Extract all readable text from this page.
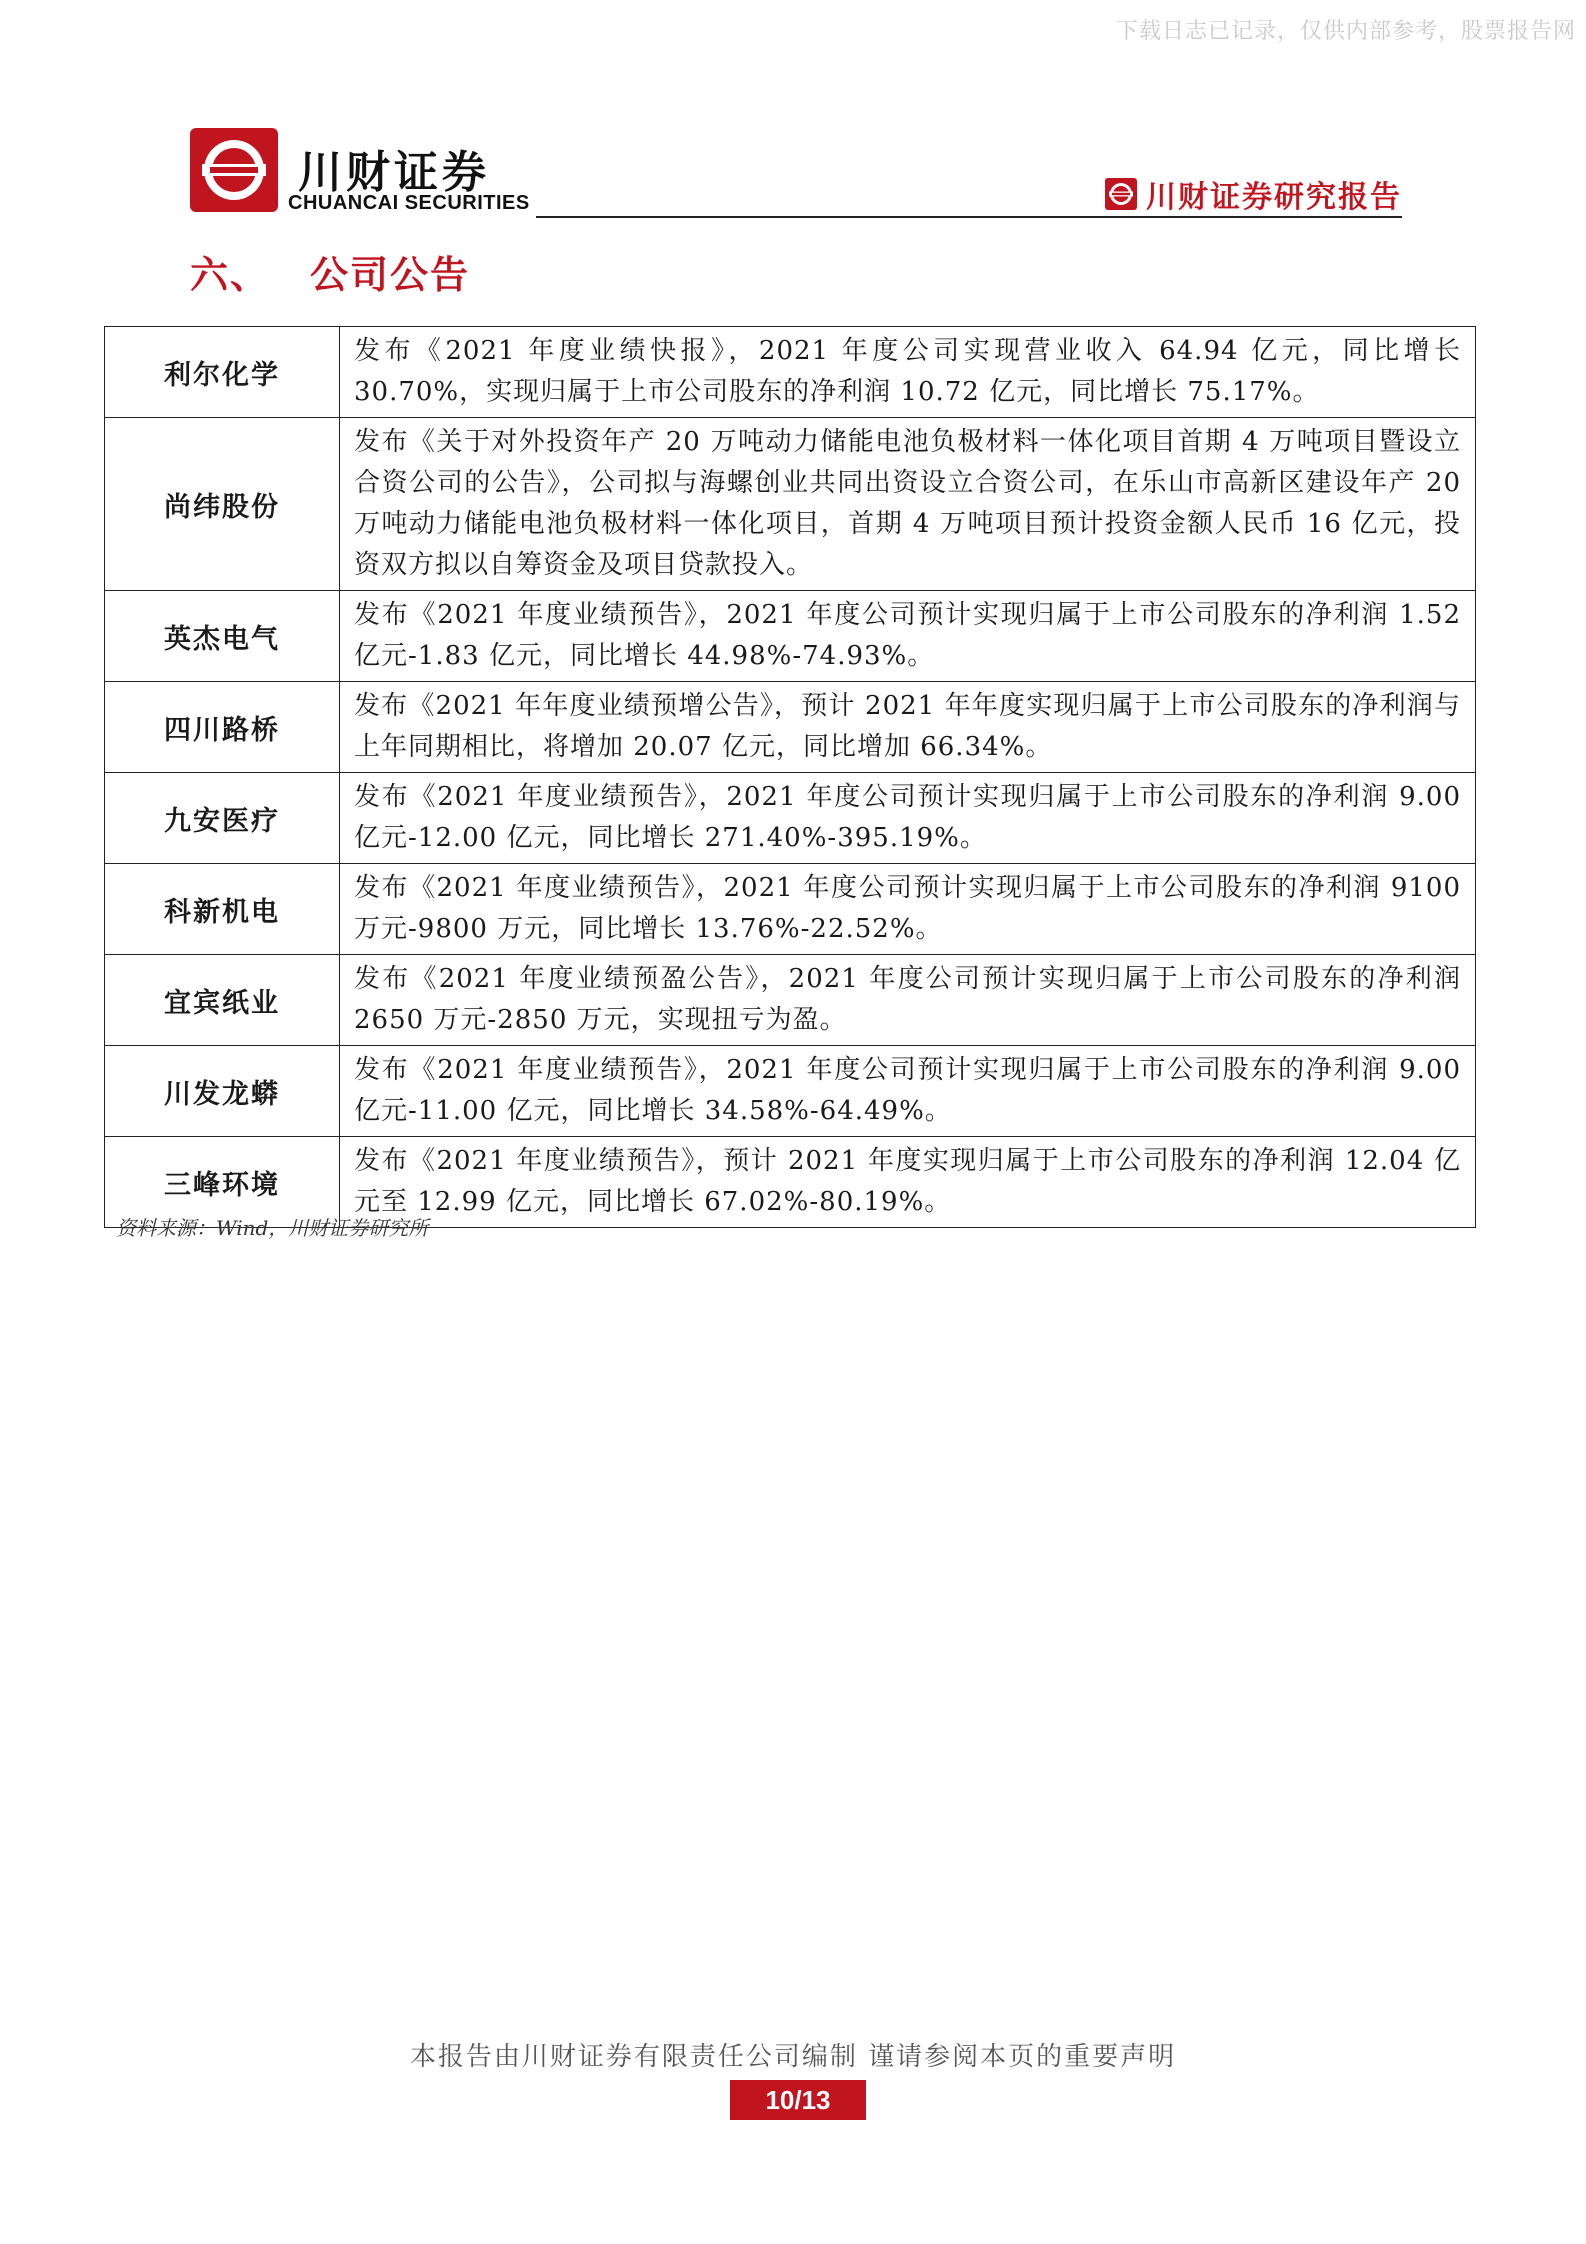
下载日志已记录，仅供内部参考，股票报告网
川财证券
CHUANCAI SECURITIES	川财证券研究报告
六、 公司公告
利尔化学	发布《2021 年度业绩快报》，2021 年度公司实现营业收入 64.94 亿元，同比增长 30.70%，实现归属于上市公司股东的净利润 10.72 亿元，同比增长 75.17%。
尚纬股份	发布《关于对外投资年产 20 万吨动力储能电池负极材料一体化项目首期 4 万吨项目暨设立合资公司的公告》，公司拟与海螺创业共同出资设立合资公司，在乐山市高新区建设年产 20 万吨动力储能电池负极材料一体化项目，首期 4 万吨项目预计投资金额人民币 16 亿元，投资双方拟以自筹资金及项目贷款投入。
英杰电气	发布《2021 年度业绩预告》，2021 年度公司预计实现归属于上市公司股东的净利润 1.52 亿元-1.83 亿元，同比增长 44.98%-74.93%。
四川路桥	发布《2021 年年度业绩预增公告》，预计 2021 年年度实现归属于上市公司股东的净利润与上年同期相比，将增加 20.07 亿元，同比增加 66.34%。
九安医疗	发布《2021 年度业绩预告》，2021 年度公司预计实现归属于上市公司股东的净利润 9.00 亿元-12.00 亿元，同比增长 271.40%-395.19%。
科新机电	发布《2021 年度业绩预告》，2021 年度公司预计实现归属于上市公司股东的净利润 9100 万元-9800 万元，同比增长 13.76%-22.52%。
宜宾纸业	发布《2021 年度业绩预盈公告》，2021 年度公司预计实现归属于上市公司股东的净利润 2650 万元-2850 万元，实现扭亏为盈。
川发龙蟒	发布《2021 年度业绩预告》，2021 年度公司预计实现归属于上市公司股东的净利润 9.00 亿元-11.00 亿元，同比增长 34.58%-64.49%。
三峰环境	发布《2021 年度业绩预告》，预计 2021 年度实现归属于上市公司股东的净利润 12.04 亿元至 12.99 亿元，同比增长 67.02%-80.19%。
资料来源：Wind，川财证券研究所
本报告由川财证券有限责任公司编制 谨请参阅本页的重要声明
10/13
